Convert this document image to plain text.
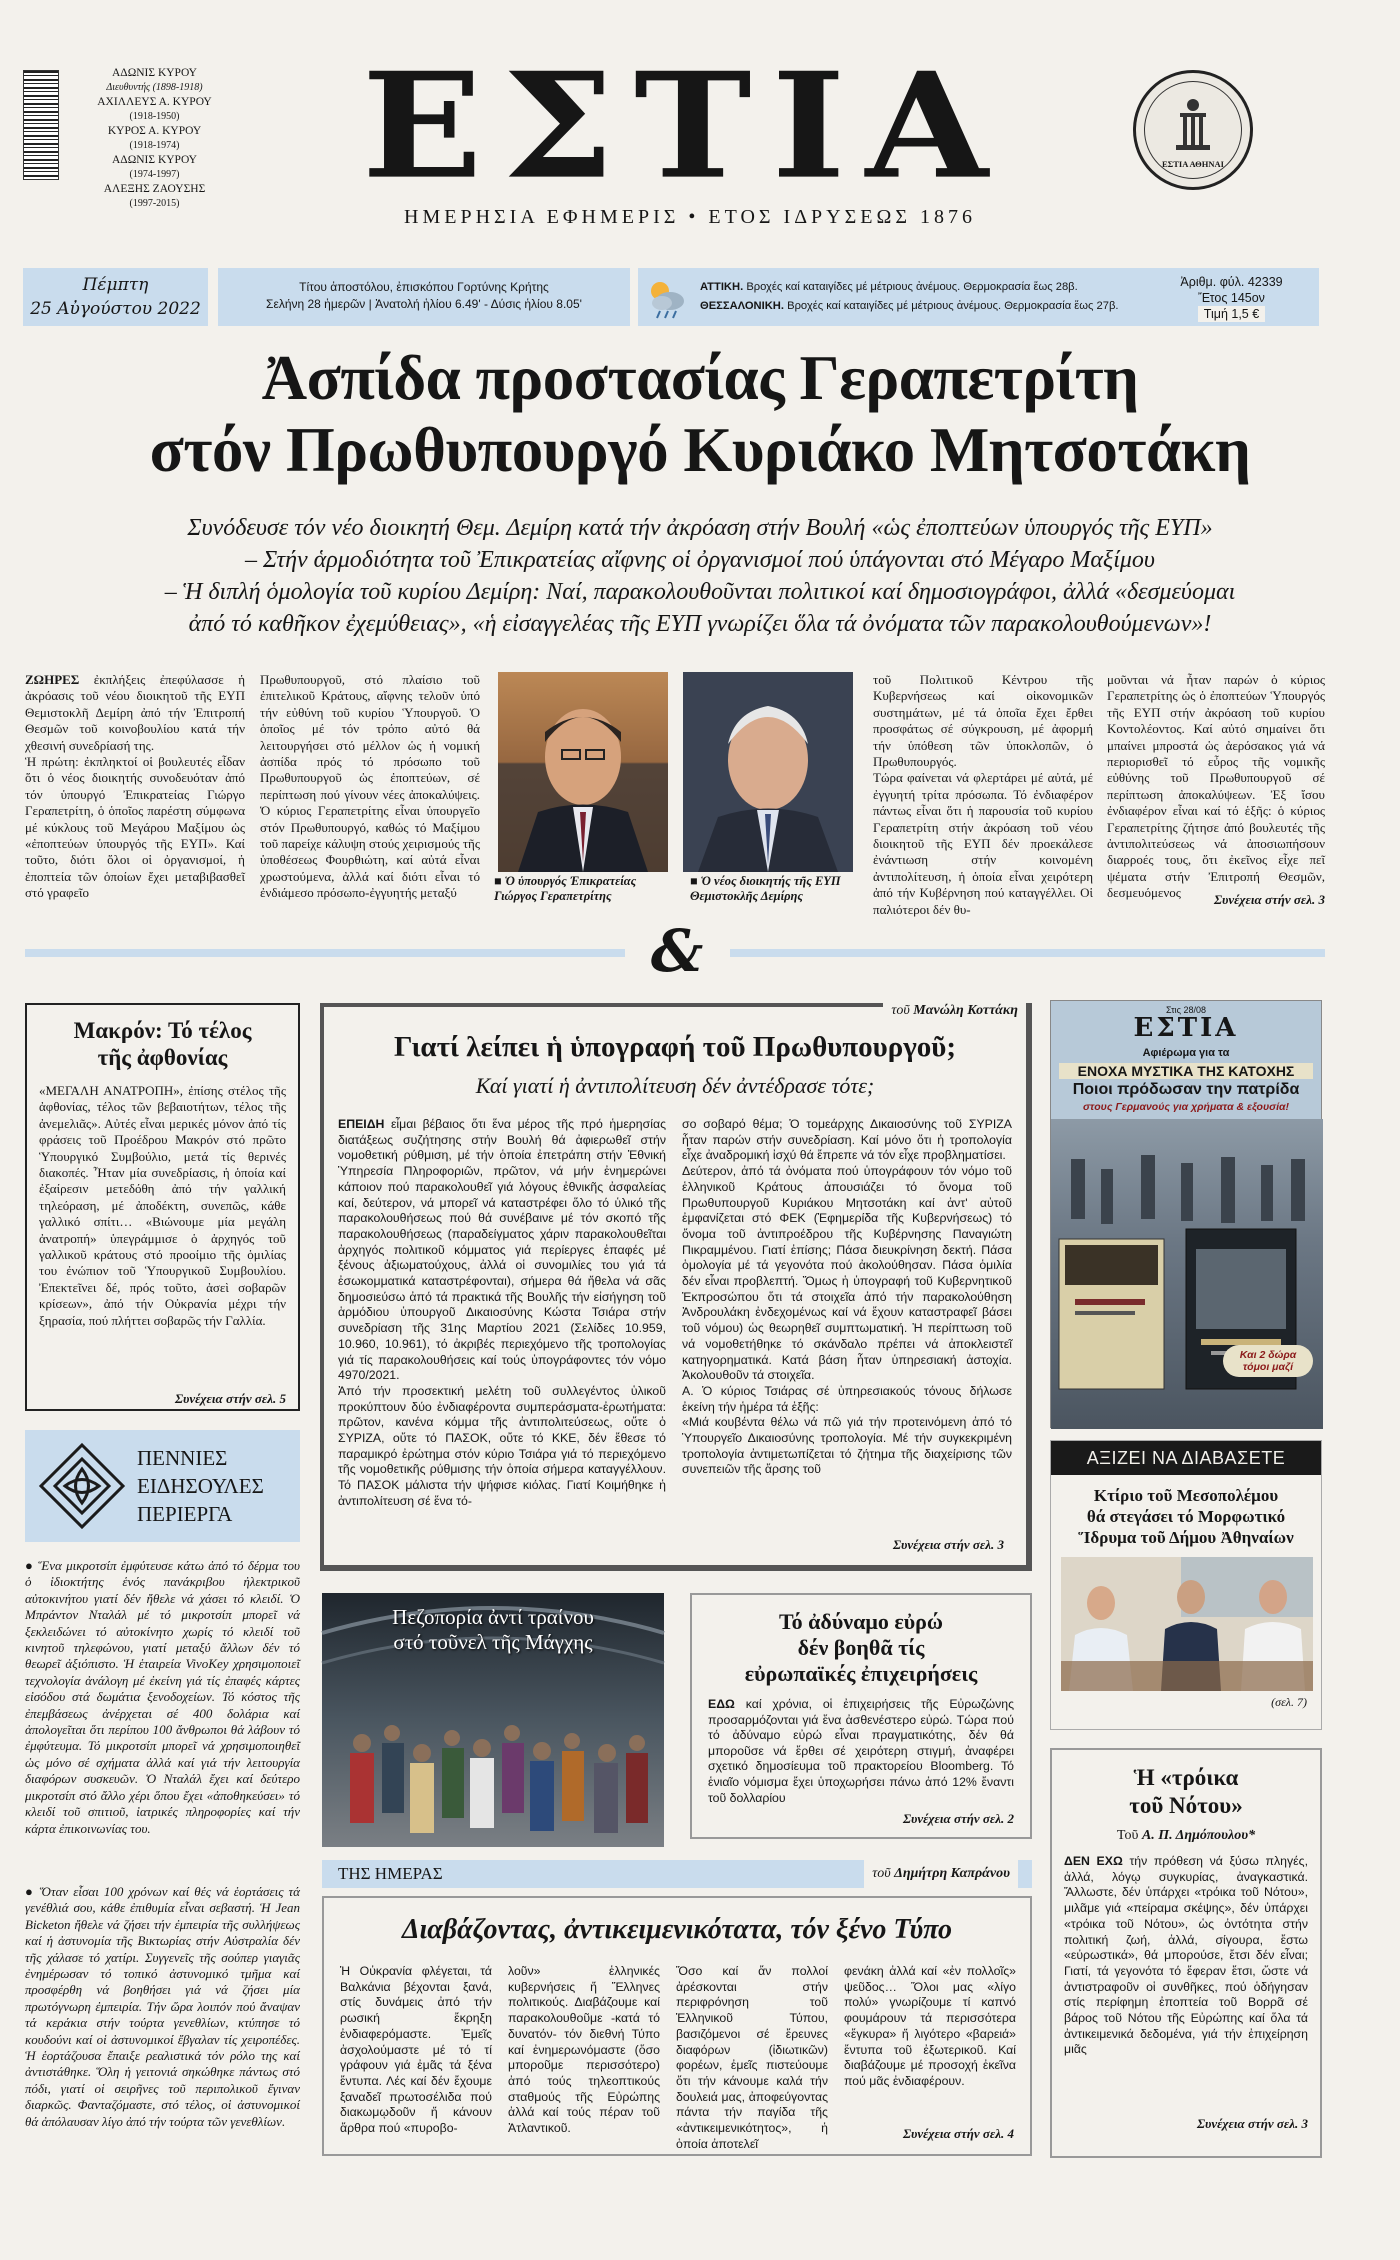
ΑΔΩΝΙΣ ΚΥΡΟΥ
Διευθυντής (1898-1918)
ΑΧΙΛΛΕΥΣ Α. ΚΥΡΟΥ
(1918-1950)
ΚΥΡΟΣ Α. ΚΥΡΟΥ
(1918-1974)
ΑΔΩΝΙΣ ΚΥΡΟΥ
(1974-1997)
ΑΛΕΞΗΣ ΖΑΟΥΣΗΣ
(1997-2015)	ΕΣΤΙΑ
ΗΜΕΡΗΣΙΑ ΕΦΗΜΕΡΙΣ • ΕΤΟΣ ΙΔΡΥΣΕΩΣ 1876
ΕΣΤΙΑ ΑΘΗΝΑΙ
Πέμπτη
25 Αὐγούστου 2022
Τίτου ἀποστόλου, ἐπισκόπου Γορτύνης Κρήτης
Σελήνη 28 ἡμερῶν | Ἀνατολή ἡλίου 6.49' - Δύσις ἡλίου 8.05'
ΑΤΤΙΚΗ. Βροχές καί καταιγίδες μέ μέτριους ἀνέμους. Θερμοκρασία ἕως 28β.
ΘΕΣΣΑΛΟΝΙΚΗ. Βροχές καί καταιγίδες μέ μέτριους ἀνέμους. Θερμοκρασία ἕως 27β.
Ἀριθμ. φύλ. 42339
Ἔτος 145ον
Τιμή 1,5 €
Ἀσπίδα προστασίας Γεραπετρίτη
στόν Πρωθυπουργό Κυριάκο Μητσοτάκη
Συνόδευσε τόν νέο διοικητή Θεμ. Δεμίρη κατά τήν ἀκρόαση στήν Βουλή «ὡς ἐποπτεύων ὑπουργός τῆς ΕΥΠ»
– Στήν ἁρμοδιότητα τοῦ Ἐπικρατείας αἴφνης οἱ ὀργανισμοί πού ὑπάγονται στό Μέγαρο Μαξίμου
– Ἡ διπλή ὁμολογία τοῦ κυρίου Δεμίρη: Ναί, παρακολουθοῦνται πολιτικοί καί δημοσιογράφοι, ἀλλά «δεσμεύομαι
ἀπό τό καθῆκον ἐχεμύθειας», «ἡ εἰσαγγελέας τῆς ΕΥΠ γνωρίζει ὅλα τά ὀνόματα τῶν παρακολουθούμενων»!
ΖΩΗΡΕΣ ἐκπλήξεις ἐπεφύλασσε ἡ ἀκρόασις τοῦ νέου διοικητοῦ τῆς ΕΥΠ Θεμιστοκλῆ Δεμίρη ἀπό τήν Ἐπιτροπή Θεσμῶν τοῦ κοινοβουλίου κατά τήν χθεσινή συνεδρίασή της.
Ἡ πρώτη: ἐκπληκτοί οἱ βουλευτές εἶδαν ὅτι ὁ νέος διοικητής συνοδευόταν ἀπό τόν ὑπουργό Ἐπικρατείας Γιώργο Γεραπετρίτη, ὁ ὁποῖος παρέστη σύμφωνα μέ κύκλους τοῦ Μεγάρου Μαξίμου ὡς «ἐποπτεύων ὑπουργός τῆς ΕΥΠ». Καί τοῦτο, διότι ὅλοι οἱ ὀργανισμοί, ἡ ἐποπτεία τῶν ὁποίων ἔχει μεταβιβασθεῖ στό γραφεῖο
Πρωθυπουργοῦ, στό πλαίσιο τοῦ ἐπιτελικοῦ Κράτους, αἴφνης τελοῦν ὑπό τήν εὐθύνη τοῦ κυρίου Ὑπουργοῦ. Ὁ ὁποῖος μέ τόν τρόπο αὐτό θά λειτουργήσει στό μέλλον ὡς ἡ νομική ἀσπίδα πρός τό πρόσωπο τοῦ Πρωθυπουργοῦ ὡς ἐποπτεύων, σέ περίπτωση πού γίνουν νέες ἀποκαλύψεις. Ὁ κύριος Γεραπετρίτης εἶναι ὑπουργεῖο στόν Πρωθυπουργό, καθώς τό Μαξίμου τοῦ παρείχε κάλυψη στούς χειρισμούς τῆς ὑποθέσεως Φουρθιώτη, καί αὐτά εἶναι χρωστούμενα, ἀλλά καί διότι εἶναι τό ἐνδιάμεσο πρόσωπο-ἐγγυητής μεταξύ
■ Ὁ ὑπουργός Ἐπικρατείας
Γιώργος Γεραπετρίτης
■ Ὁ νέος διοικητής τῆς ΕΥΠ
Θεμιστοκλῆς Δεμίρης
τοῦ Πολιτικοῦ Κέντρου τῆς Κυβερνήσεως καί οἰκονομικῶν συστημάτων, μέ τά ὁποῖα ἔχει ἔρθει προσφάτως σέ σύγκρουση, μέ ἀφορμή τήν ὑπόθεση τῶν ὑποκλοπῶν, ὁ Πρωθυπουργός.
Τώρα φαίνεται νά φλερτάρει μέ αὐτά, μέ ἐγγυητή τρίτα πρόσωπα. Τό ἐνδιαφέρον πάντως εἶναι ὅτι ἡ παρουσία τοῦ κυρίου Γεραπετρίτη στήν ἀκρόαση τοῦ νέου διοικητοῦ τῆς ΕΥΠ δέν προεκάλεσε ἐνάντιωση στήν κοινομένη ἀντιπολίτευση, ἡ ὁποία εἶναι χειρότερη ἀπό τήν Κυβέρνηση πού καταγγέλλει. Οἱ παλιότεροι δέν θυ-
μοῦνται νά ἦταν παρών ὁ κύριος Γεραπετρίτης ὡς ὁ ἐποπτεύων Ὑπουργός τῆς ΕΥΠ στήν ἀκρόαση τοῦ κυρίου Κοντολέοντος. Καί αὐτό σημαίνει ὅτι μπαίνει μπροστά ὡς ἀερόσακος γιά νά περιορισθεῖ τό εὖρος τῆς νομικῆς εὐθύνης τοῦ Πρωθυπουργοῦ σέ περίπτωση ἀποκαλύψεων. Ἐξ ἴσου ἐνδιαφέρον εἶναι καί τό ἑξῆς: ὁ κύριος Γεραπετρίτης ζήτησε ἀπό βουλευτές τῆς ἀντιπολιτεύσεως νά ἀποσιωπήσουν διαρροές τους, ὅτι ἐκεῖνος εἶχε πεῖ ψέματα στήν Ἐπιτροπή Θεσμῶν, δεσμευόμενος	Συνέχεια στήν σελ. 3
&
Μακρόν: Τό τέλος
τῆς ἀφθονίας
«ΜΕΓΑΛΗ ΑΝΑΤΡΟΠΗ», ἐπίσης στέλος τῆς ἀφθονίας, τέλος τῶν βεβαιοτήτων, τέλος τῆς ἀνεμελιᾶς». Αὐτές εἶναι μερικές μόνον ἀπό τίς φράσεις τοῦ Προέδρου Μακρόν στό πρῶτο Ὑπουργικό Συμβούλιο, μετά τίς θερινές διακοπές. Ἦταν μία συνεδρίασις, ἡ ὁποία καί ἐξαίρεσιν μετεδόθη ἀπό τήν γαλλική τηλεόραση, μέ ἀποδέκτη, συνεπῶς, κάθε γαλλικό σπίτι… «Βιώνουμε μία μεγάλη ἀνατροπή» ὑπεγράμμισε ὁ ἀρχηγός τοῦ γαλλικοῦ κράτους στό προοίμιο τῆς ὁμιλίας του ἐνώπιον τοῦ Ὑπουργικοῦ Συμβουλίου. Ἐπεκτεῖνει δέ, πρός τοῦτο, ἀσεὶ σοβαρῶν κρίσεων», ἀπό τήν Οὐκρανία μέχρι τήν ξηρασία, πού πλήττει σοβαρῶς τήν Γαλλία.
Συνέχεια στήν σελ. 5
ΠΕΝΝΙΕΣ
ΕΙΔΗΣΟΥΛΕΣ
ΠΕΡΙΕΡΓΑ
● Ἕνα μικροτσίπ ἐμφύτευσε κάτω ἀπό τό δέρμα του ὁ ἰδιοκτήτης ἑνός πανάκριβου ἠλεκτρικοῦ αὐτοκινήτου γιατί δέν ἤθελε νά χάσει τό κλειδί. Ὁ Μπράντον Νταλάλ μέ τό μικροτσίπ μπορεῖ νά ξεκλειδώνει τό αὐτοκίνητο χωρίς τό κλειδί τοῦ κινητοῦ τηλεφώνου, γιατί μεταξύ ἄλλων δέν τό θεωρεῖ ἀξιόπιστο. Ἡ ἑταιρεία VivoKey χρησιμοποιεῖ τεχνολογία ἀνάλογη μέ ἐκείνη γιά τίς ἐπαφές κάρτες εἰσόδου στά δωμάτια ξενοδοχείων. Τό κόστος τῆς ἐπεμβάσεως ἀνέρχεται σέ 400 δολάρια καί ἀπολογεῖται ὅτι περίπου 100 ἄνθρωποι θά λάβουν τό ἐμφύτευμα. Τό μικροτσίπ μπορεῖ νά χρησιμοποιηθεῖ ὡς μόνο σέ σχήματα ἀλλά καί γιά τήν λειτουργία διαφόρων συσκευῶν. Ὁ Νταλάλ ἔχει καί δεύτερο μικροτσίπ στό ἄλλο χέρι ὅπου ἔχει «ἀποθηκεύσει» τό κλειδί τοῦ σπιτιοῦ, ἰατρικές πληροφορίες καί τήν κάρτα ἐπικοινωνίας του.
● Ὅταν εἶσαι 100 χρόνων καί θές νά ἑορτάσεις τά γενέθλιά σου, κάθε ἐπιθυμία εἶναι σεβαστή. Ἡ Jean Bicketon ἤθελε νά ζήσει τήν ἐμπειρία τῆς συλλήψεως καί ἡ ἀστυνομία τῆς Βικτωρίας στήν Αὐστραλία δέν τῆς χάλασε τό χατίρι. Συγγενεῖς τῆς σούπερ γιαγιᾶς ἐνημέρωσαν τό τοπικό ἀστυνομικό τμῆμα καί προσφέρθη νά βοηθήσει γιά νά ζήσει μία πρωτόγνωρη ἐμπειρία. Τήν ὥρα λοιπόν πού ἄναψαν τά κεράκια στήν τούρτα γενεθλίων, κτύπησε τό κουδούνι καί οἱ ἀστυνομικοί ἔβγαλαν τίς χειροπέδες. Ἡ ἑορτάζουσα ἔπαιξε ρεαλιστικά τόν ρόλο της καί ἀντιστάθηκε. Ὅλη ἡ γειτονιά σηκώθηκε πάντως στό πόδι, γιατί οἱ σειρῆνες τοῦ περιπολικοῦ ἔγιναν διαρκῶς. Φανταζόμαστε, στό τέλος, οἱ ἀστυνομικοί θά ἀπόλαυσαν λίγο ἀπό τήν τούρτα τῶν γενεθλίων.
τοῦ Μανώλη Κοττάκη
Γιατί λείπει ἡ ὑπογραφή τοῦ Πρωθυπουργοῦ;
Καί γιατί ἡ ἀντιπολίτευση δέν ἀντέδρασε τότε;
ΕΠΕΙΔΗ εἶμαι βέβαιος ὅτι ἕνα μέρος τῆς πρό ἡμερησίας διατάξεως συζήτησης στήν Βουλή θά ἀφιερωθεῖ στήν νομοθετική ρύθμιση, μέ τήν ὁποία ἐπετράπη στήν Ἐθνική Ὑπηρεσία Πληροφοριῶν, πρῶτον, νά μήν ἐνημερώνει κάποιον πού παρακολουθεῖ γιά λόγους ἐθνικῆς ἀσφαλείας καί, δεύτερον, νά μπορεῖ νά καταστρέφει ὅλο τό ὑλικό τῆς παρακολουθήσεως πού θά συνέβαινε μέ τόν σκοπό τῆς παρακολουθήσεως (παραδείγματος χάριν παρακολουθεῖται ἀρχηγός πολιτικοῦ κόμματος γιά περίεργες ἐπαφές μέ ξένους ἀξιωματούχους, ἀλλά οἱ συνομιλίες του γιά τά ἐσωκομματικά καταστρέφονται), σήμερα θά ἤθελα νά σᾶς δημοσιεύσω ἀπό τά πρακτικά τῆς Βουλῆς τήν εἰσήγηση τοῦ ἁρμόδιου ὑπουργοῦ Δικαιοσύνης Κώστα Τσιάρα στήν συνεδρίαση τῆς 31ης Μαρτίου 2021 (Σελίδες 10.959, 10.960, 10.961), τό ἀκριβές περιεχόμενο τῆς τροπολογίας γιά τίς παρακολουθήσεις καί τούς ὑπογράφοντες τόν νόμο 4970/2021.
Ἀπό τήν προσεκτική μελέτη τοῦ συλλεγέντος ὑλικοῦ προκύπτουν δύο ἐνδιαφέροντα συμπεράσματα-ἐρωτήματα: πρῶτον, κανένα κόμμα τῆς ἀντιπολιτεύσεως, οὔτε ὁ ΣΥΡΙΖΑ, οὔτε τό ΠΑΣΟΚ, οὔτε τό ΚΚΕ, δέν ἔθεσε τό παραμικρό ἐρώτημα στόν κύριο Τσιάρα γιά τό περιεχόμενο τῆς νομοθετικῆς ρύθμισης τήν ὁποία σήμερα καταγγέλλουν. Τό ΠΑΣΟΚ μάλιστα τήν ψήφισε κιόλας. Γιατί Κοιμήθηκε ἡ ἀντιπολίτευση σέ ἕνα τό-
σο σοβαρό θέμα; Ὁ τομεάρχης Δικαιοσύνης τοῦ ΣΥΡΙΖΑ ἦταν παρών στήν συνεδρίαση. Καί μόνο ὅτι ἡ τροπολογία εἶχε ἀναδρομική ἰσχύ θά ἔπρεπε νά τόν εἶχε προβληματίσει.
Δεύτερον, ἀπό τά ὀνόματα πού ὑπογράφουν τόν νόμο τοῦ ἑλληνικοῦ Κράτους ἀπουσιάζει τό ὄνομα τοῦ Πρωθυπουργοῦ Κυριάκου Μητσοτάκη καί ἀντ' αὐτοῦ ἐμφανίζεται στό ΦΕΚ (Ἐφημερίδα τῆς Κυβερνήσεως) τό ὄνομα τοῦ ἀντιπροέδρου τῆς Κυβέρνησης Παναγιώτη Πικραμμένου. Γιατί ἐπίσης; Πάσα διευκρίνηση δεκτή. Πάσα ὁμολογία μέ τά γεγονότα πού ἀκολούθησαν. Πάσα ὁμιλία δέν εἶναι προβλεπτή. Ὅμως ἡ ὑπογραφή τοῦ Κυβερνητικοῦ Ἐκπροσώπου ὅτι τά στοιχεῖα ἀπό τήν παρακολούθηση Ἀνδρουλάκη ἐνδεχομένως καί νά ἔχουν καταστραφεῖ βάσει τοῦ νόμου) ὡς θεωρηθεῖ συμπτωματική. Ἡ περίπτωση τοῦ νά νομοθετήθηκε τό σκάνδαλο πρέπει νά ἀποκλειστεῖ κατηγορηματικά. Κατά βάση ἦταν ὑπηρεσιακή ἀστοχία. Ἀκολουθοῦν τά στοιχεῖα.
Α. Ὁ κύριος Τσιάρας σέ ὑπηρεσιακούς τόνους δήλωσε ἐκείνη τήν ἡμέρα τά ἑξῆς:
«Μιά κουβέντα θέλω νά πῶ γιά τήν προτεινόμενη ἀπό τό Ὑπουργεῖο Δικαιοσύνης τροπολογία. Μέ τήν συγκεκριμένη τροπολογία ἀντιμετωπίζεται τό ζήτημα τῆς διαχείρισης τῶν συνεπειῶν τῆς ἄρσης τοῦ
Συνέχεια στήν σελ. 3
Στις 28/08
ΕΣΤΙΑ
Αφιέρωμα για τα
ΕΝΟΧΑ ΜΥΣΤΙΚΑ ΤΗΣ ΚΑΤΟΧΗΣ
Ποιοι πρόδωσαν την πατρίδα
στους Γερμανούς για χρήματα & εξουσία!
Και 2 δώρα
τόμοι μαζί
ΑΞΙΖΕΙ ΝΑ ΔΙΑΒΑΣΕΤΕ
Κτίριο τοῦ Μεσοπολέμου
θά στεγάσει τό Μορφωτικό
Ἵδρυμα τοῦ Δήμου Ἀθηναίων
(σελ. 7)
Πεζοπορία ἀντί τραίνου
στό τοῦνελ τῆς Μάγχης
Τό ἀδύναμο εὐρώ
δέν βοηθᾶ τίς
εὐρωπαϊκές ἐπιχειρήσεις
ΕΔΩ καί χρόνια, οἱ ἐπιχειρήσεις τῆς Εὐρωζώνης προσαρμόζονται γιά ἕνα ἀσθενέστερο εὐρώ. Τώρα πού τό ἀδύναμο εὐρώ εἶναι πραγματικότης, δέν θά μποροῦσε νά ἔρθει σέ χειρότερη στιγμή, ἀναφέρει σχετικό δημοσίευμα τοῦ πρακτορείου Bloomberg. Τό ἑνιαῖο νόμισμα ἔχει ὑποχωρήσει πάνω ἀπό 12% ἔναντι τοῦ δολλαρίου
Συνέχεια στήν σελ. 2
Ἡ «τρόικα
τοῦ Νότου»
Τοῦ Α. Π. Δημόπουλου*
ΔΕΝ ΕΧΩ τήν πρόθεση νά ξύσω πληγές, ἀλλά, λόγῳ συγκυρίας, ἀναγκαστικά. Ἄλλωστε, δέν ὑπάρχει «τρόικα τοῦ Νότου», μιλᾶμε γιά «πείραμα σκέψης», δέν ὑπάρχει «τρόικα τοῦ Νότου», ὡς ὀντότητα στήν πολιτική ζωή, ἀλλά, σίγουρα, ἔστω «εὐρωστικά», θά μπορούσε, ἔτσι δέν εἶναι; Γιατί, τά γεγονότα τό ἔφεραν ἔτσι, ὥστε νά ἀντιστραφοῦν οἱ συνθῆκες, πού ὁδήγησαν στίς περίφημη ἐποπτεία τοῦ Βορρᾶ σέ βάρος τοῦ Νότου τῆς Εὐρώπης καί ὅλα τά ἀντικειμενικά δεδομένα, γιά τήν ἐπιχείρηση μιᾶς
Συνέχεια στήν σελ. 3
ΤΗΣ ΗΜΕΡΑΣ	τοῦ Δημήτρη Καπράνου
Διαβάζοντας, ἀντικειμενικότατα, τόν ξένο Τύπο
Ἡ Οὐκρανία φλέγεται, τά Βαλκάνια βέχονται ξανά, στίς δυνάμεις ἀπό τήν ρωσική ἔκρηξη ἐνδιαφερόμαστε. Ἐμεῖς ἀσχολούμαστε μέ τό τί γράφουν γιά ἐμᾶς τά ξένα ἔντυπα. Λές καί δέν ἔχουμε ξαναδεῖ πρωτοσέλιδα πού διακωμῳδοῦν ἤ κάνουν ἄρθρα πού «πυροβο-
λοῦν» ἑλληνικές κυβερνήσεις ἤ Ἕλληνες πολιτικούς. Διαβάζουμε καί παρακολουθοῦμε -κατά τό δυνατόν- τόν διεθνή Τύπο καί ἐνημερωνόμαστε (ὅσο μποροῦμε περισσότερο) ἀπό τούς τηλεοπτικούς σταθμούς τῆς Εὐρώπης ἀλλά καί τούς πέραν τοῦ Ἀτλαντικοῦ.
Ὅσο καί ἄν πολλοί ἀρέσκονται στήν περιφρόνηση τοῦ Ἑλληνικοῦ Τύπου, βασιζόμενοι σέ ἔρευνες διαφόρων (ἰδιωτικῶν) φορέων, ἐμεῖς πιστεύουμε ὅτι τήν κάνουμε καλά τήν δουλειά μας, ἀποφεύγοντας πάντα τήν παγίδα τῆς «ἀντικειμενικότητος», ἡ ὁποία ἀποτελεῖ
φενάκη ἀλλά καί «ἐν πολλοῖς» ψεῦδος… Ὅλοι μας «λίγο πολύ» γνωρίζουμε τί καπνό φουμάρουν τά περισσότερα «ἔγκυρα» ἤ λιγότερο «βαρειά» ἔντυπα τοῦ ἐξωτερικοῦ. Καί διαβάζουμε μέ προσοχή ἐκεῖνα πού μᾶς ἐνδιαφέρουν.
Συνέχεια στήν σελ. 4
